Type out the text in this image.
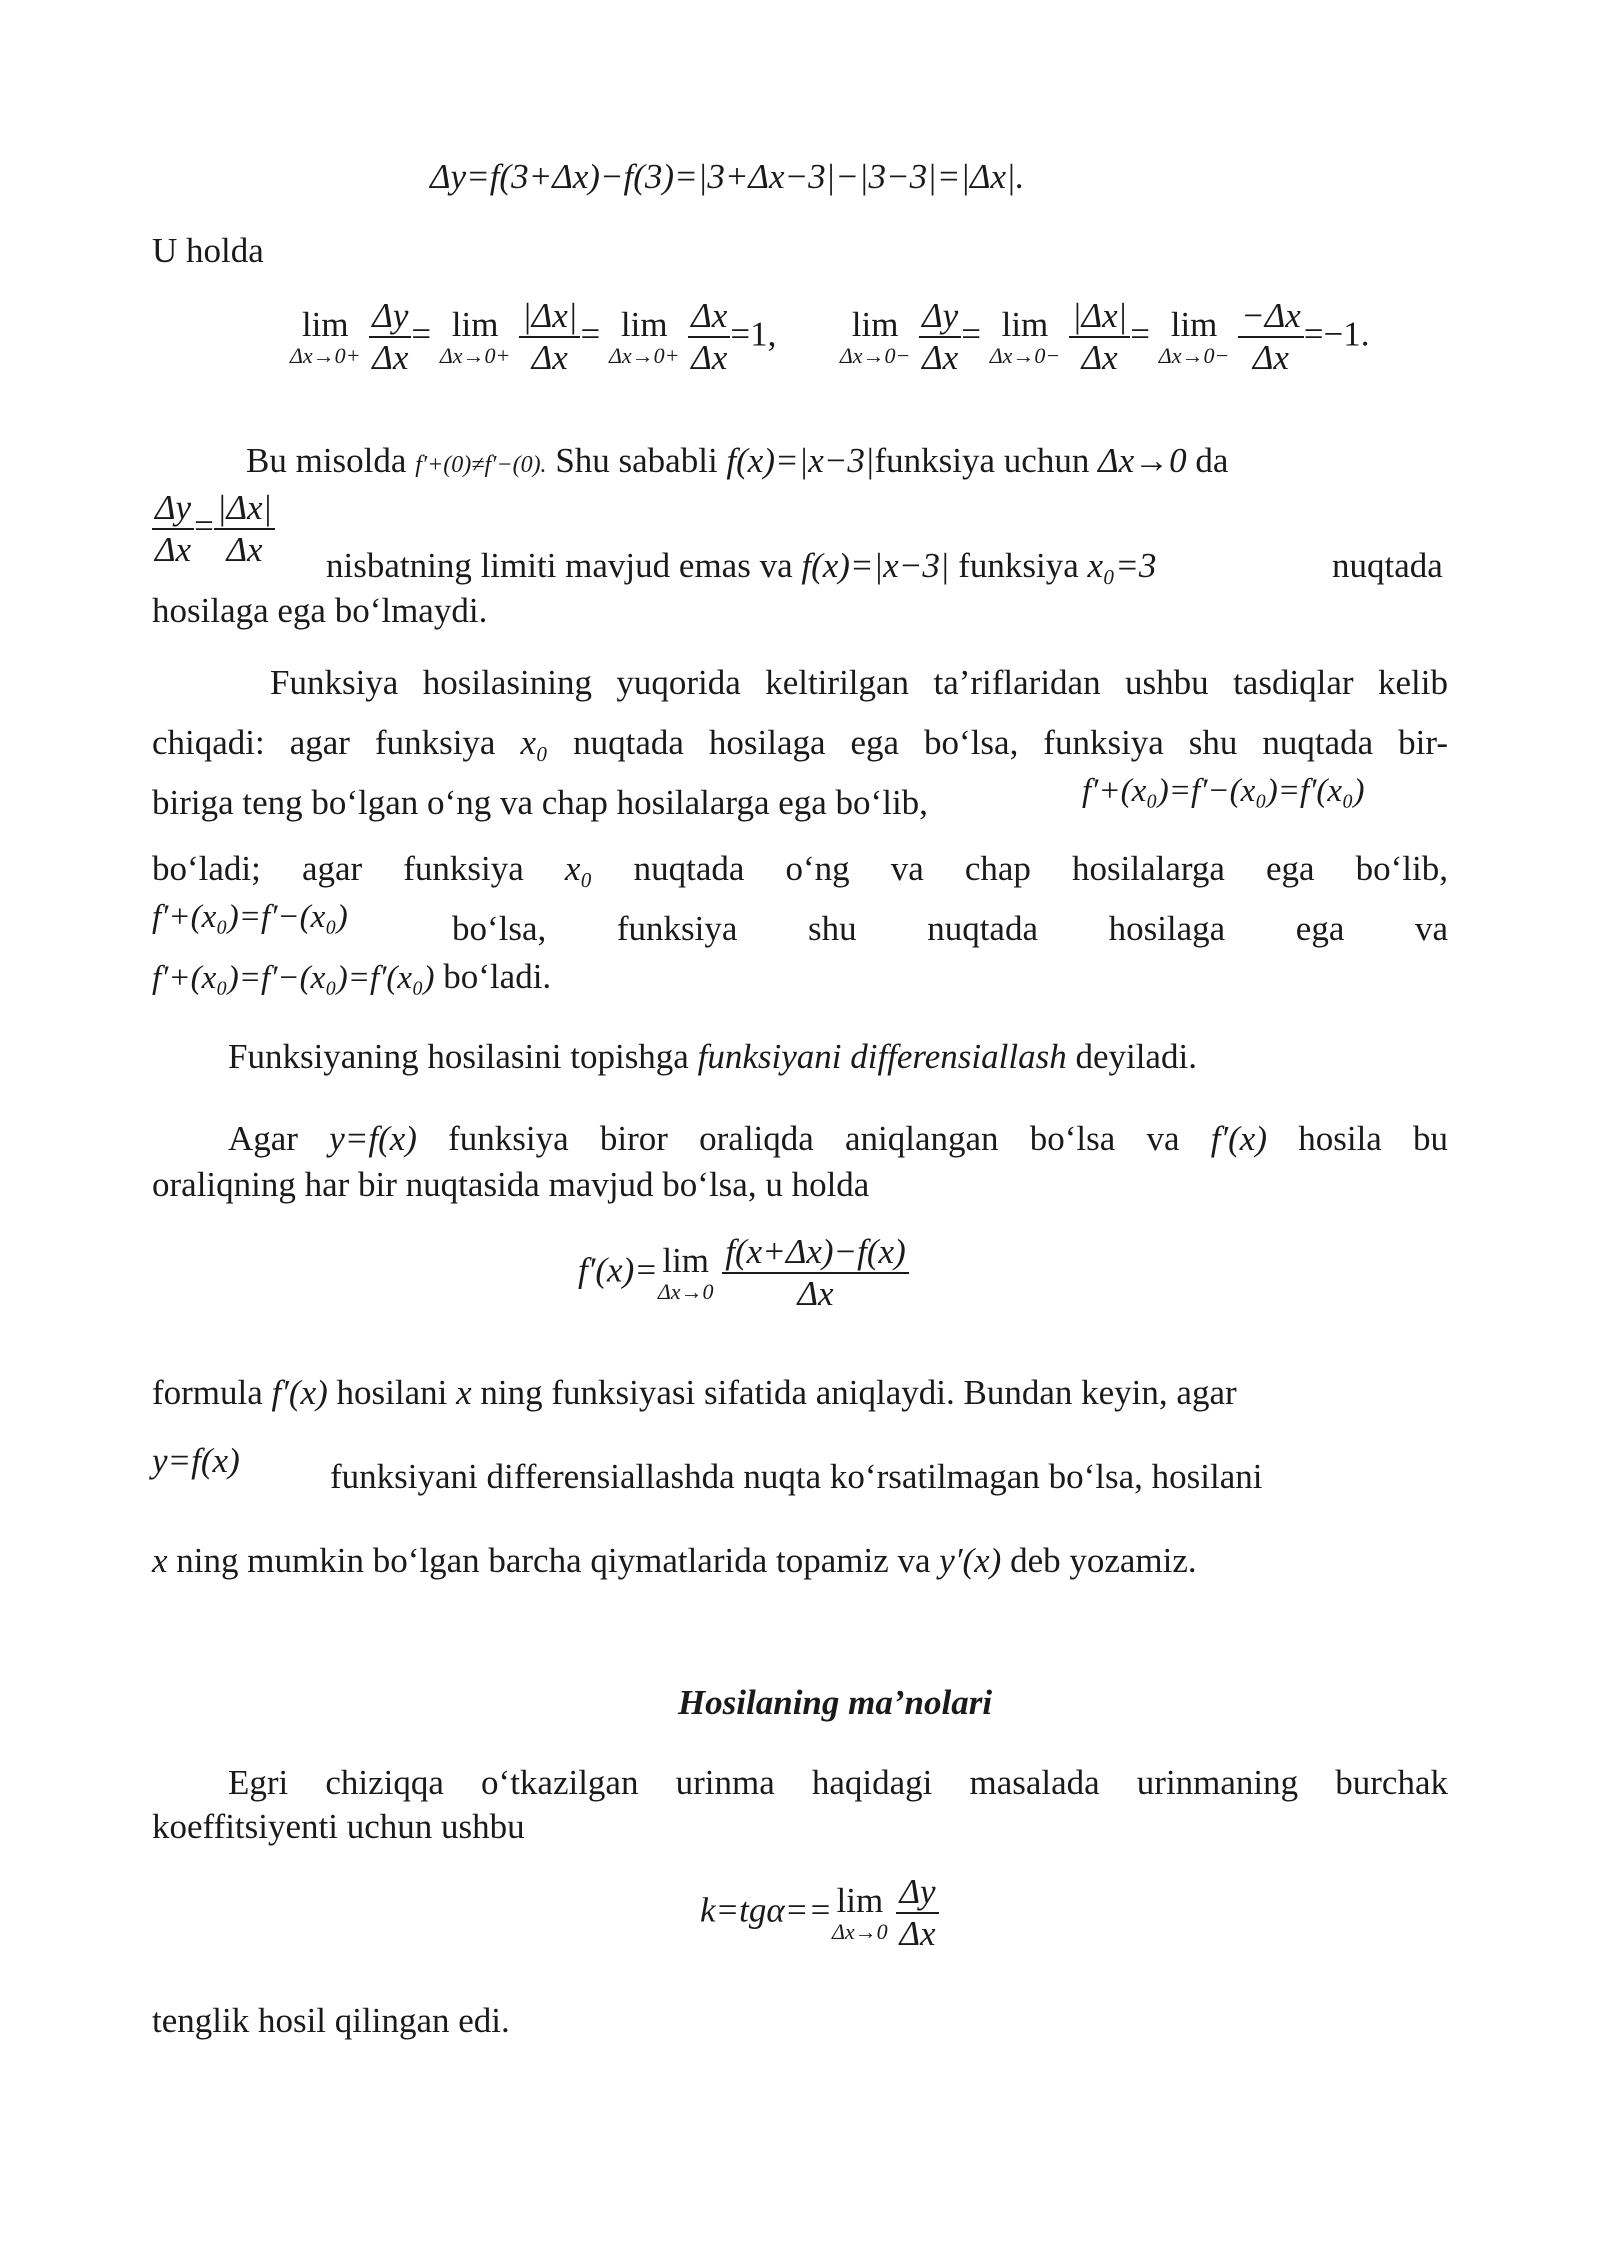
Δy=f(3+Δx)−f(3)=|3+Δx−3|−|3−3|=|Δx|.
U holda
lim
Δx→0+
$\frac{\Delta y}{\Delta x} = \lim$
Δx→0+
$\frac{|\Delta x|}{\Delta x} = \lim$
Δx→0+
$\frac{\Delta x}{\Delta x} =1$,	lim
Δx→0−
$\frac{\Delta y}{\Delta x} = \lim$
Δx→0−
$\frac{|\Delta x|}{\Delta x} = \lim$
Δx→0−
$\frac{-\Delta x}{\Delta x} =-1$.
Bu misolda f′+(0)≠f′−(0). Shu sababli f(x)=|x−3|funksiya uchun Δx→0 da
$\frac{\Delta y}{\Delta x} = \frac{|\Delta x|}{\Delta x}$ nisbatning limiti mavjud emas va f(x)=|x−3| funksiya x₀=3	nuqtada
hosilaga ega bo‘lmaydi.
Funksiya hosilasining yuqorida keltirilgan ta’riflaridan ushbu tasdiqlar kelib
chiqadi: agar funksiya x₀ nuqtada hosilaga ega bo‘lsa, funksiya shu nuqtada bir-
biriga teng bo‘lgan o‘ng va chap hosilalarga ega bo‘lib,	f′+(x₀)=f′−(x₀)=f′(x₀)
bo‘ladi; agar funksiya x₀ nuqtada o‘ng va chap hosilalarga ega bo‘lib,
f′+(x₀)=f′−(x₀)	bo‘lsa, funksiya shu nuqtada hosilaga ega va
f′+(x₀)=f′−(x₀)=f′(x₀) bo‘ladi.
Funksiyaning hosilasini topishga funksiyani differensiallash deyiladi.
Agar y=f(x) funksiya biror oraliqda aniqlangan bo‘lsa va f′(x) hosila bu
oraliqning har bir nuqtasida mavjud bo‘lsa, u holda
f′(x)= lim
Δx→0
$\frac{f(x+\Delta x)-f(x)}{\Delta x}$
formula f′(x) hosilani x ning funksiyasi sifatida aniqlaydi. Bundan keyin, agar
y=f(x)	funksiyani differensiallashda nuqta ko‘rsatilmagan bo‘lsa, hosilani
x ning mumkin bo‘lgan barcha qiymatlarida topamiz va y′(x) deb yozamiz.
Hosilaning ma’nolari
Egri chiziqqa o‘tkazilgan urinma haqidagi masalada urinmaning burchak
koeffitsiyenti uchun ushbu
k=tgα== lim
Δx→0
$\frac{\Delta y}{\Delta x}$
tenglik hosil qilingan edi.
